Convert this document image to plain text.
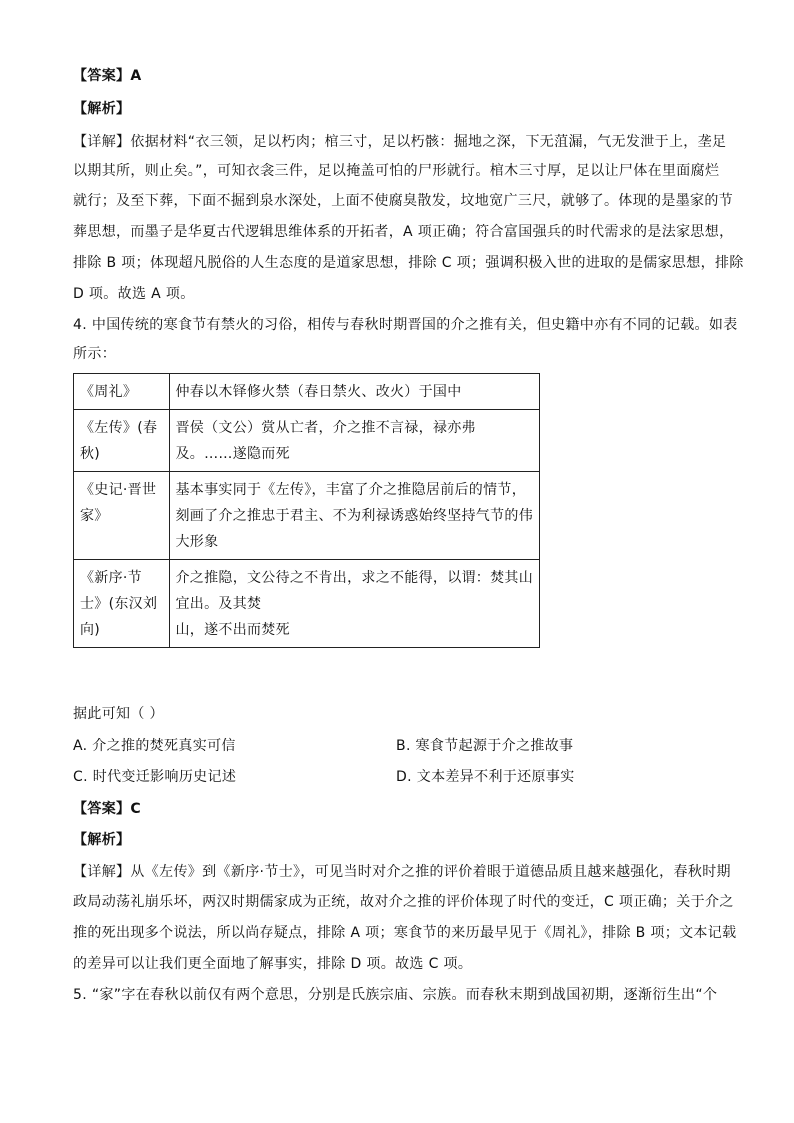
【答案】A
【解析】
【详解】依据材料“衣三领，足以朽肉；棺三寸，足以朽骸：掘地之深，下无菹漏，气无发泄于上，垄足
以期其所，则止矣。”，可知衣衾三件，足以掩盖可怕的尸形就行。棺木三寸厚，足以让尸体在里面腐烂
就行；及至下葬，下面不掘到泉水深处，上面不使腐臭散发，坟地宽广三尺，就够了。体现的是墨家的节
葬思想，而墨子是华夏古代逻辑思维体系的开拓者，A 项正确；符合富国强兵的时代需求的是法家思想，
排除 B 项；体现超凡脱俗的人生态度的是道家思想，排除 C 项；强调积极入世的进取的是儒家思想，排除
D 项。故选 A 项。
4. 中国传统的寒食节有禁火的习俗，相传与春秋时期晋国的介之推有关，但史籍中亦有不同的记载。如表
所示：
《周礼》	仲春以木铎修火禁（春日禁火、改火）于国中

《左传》(春
秋)	晋侯（文公）赏从亡者，介之推不言禄，禄亦弗
及。……遂隐而死

《史记·晋世
家》	基本事实同于《左传》，丰富了介之推隐居前后的情节，
刻画了介之推忠于君主、不为利禄诱惑始终坚持气节的伟
大形象

《新序·节
士》(东汉刘
向)	介之推隐，文公待之不肯出，求之不能得，以谓：焚其山
宜出。及其焚
山，遂不出而焚死
据此可知（ ）
A. 介之推的焚死真实可信	B. 寒食节起源于介之推故事
C. 时代变迁影响历史记述	D. 文本差异不利于还原事实
【答案】C
【解析】
【详解】从《左传》到《新序·节士》，可见当时对介之推的评价着眼于道德品质且越来越强化，春秋时期
政局动荡礼崩乐坏，两汉时期儒家成为正统，故对介之推的评价体现了时代的变迁，C 项正确；关于介之
推的死出现多个说法，所以尚存疑点，排除 A 项；寒食节的来历最早见于《周礼》，排除 B 项；文本记载
的差异可以让我们更全面地了解事实，排除 D 项。故选 C 项。
5. “家”字在春秋以前仅有两个意思，分别是氏族宗庙、宗族。而春秋末期到战国初期，逐渐衍生出“个
